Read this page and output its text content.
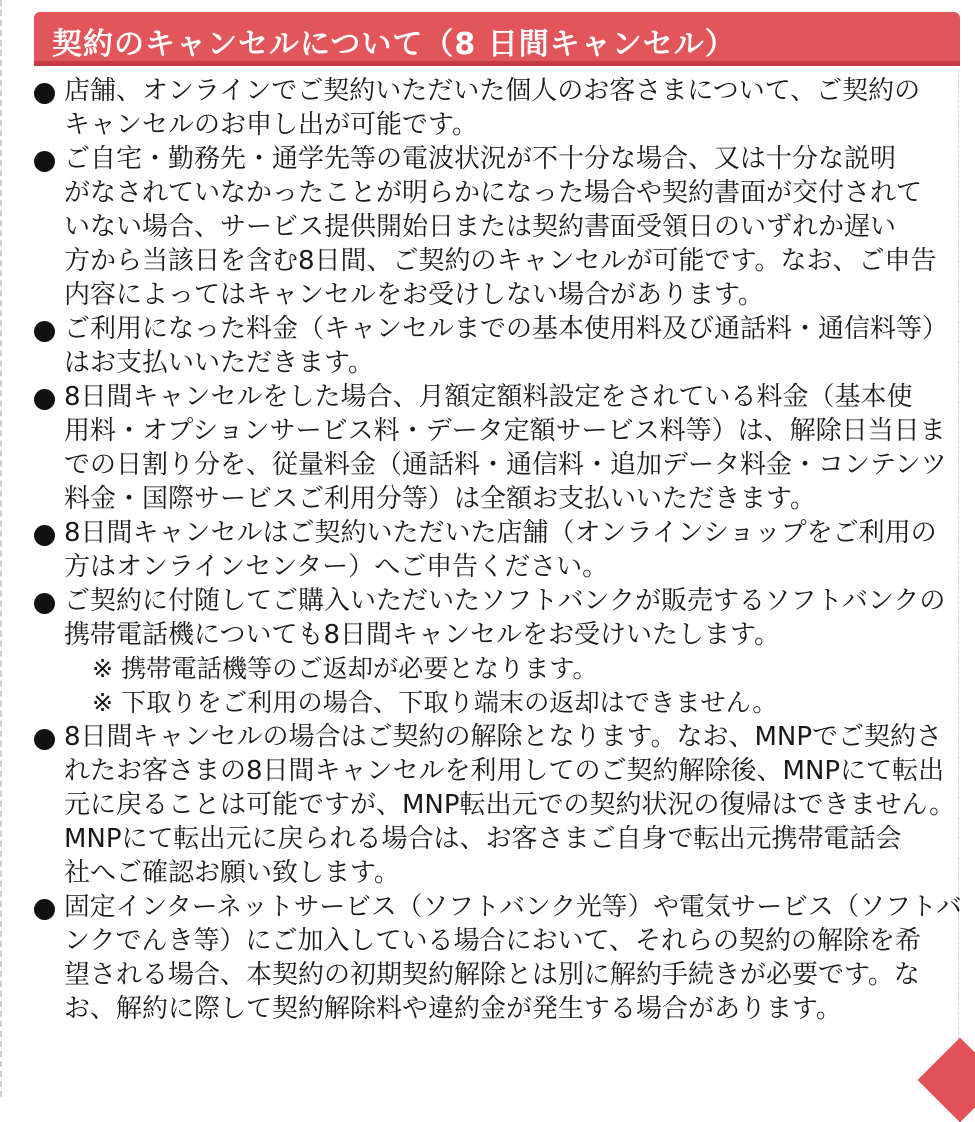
契約のキャンセルについて（8 日間キャンセル）
店舗、オンラインでご契約いただいた個人のお客さまについて、ご契約の
キャンセルのお申し出が可能です。
ご自宅・勤務先・通学先等の電波状況が不十分な場合、又は十分な説明
がなされていなかったことが明らかになった場合や契約書面が交付されて
いない場合、サービス提供開始日または契約書面受領日のいずれか遅い
方から当該日を含む8日間、ご契約のキャンセルが可能です。なお、ご申告
内容によってはキャンセルをお受けしない場合があります。
ご利用になった料金（キャンセルまでの基本使用料及び通話料・通信料等）
はお支払いいただきます。
8日間キャンセルをした場合、月額定額料設定をされている料金（基本使
用料・オプションサービス料・データ定額サービス料等）は、解除日当日ま
での日割り分を、従量料金（通話料・通信料・追加データ料金・コンテンツ
料金・国際サービスご利用分等）は全額お支払いいただきます。
8日間キャンセルはご契約いただいた店舗（オンラインショップをご利用の
方はオンラインセンター）へご申告ください。
ご契約に付随してご購入いただいたソフトバンクが販売するソフトバンクの
携帯電話機についても8日間キャンセルをお受けいたします。
※ 携帯電話機等のご返却が必要となります。
※ 下取りをご利用の場合、下取り端末の返却はできません。
8日間キャンセルの場合はご契約の解除となります。なお、MNPでご契約さ
れたお客さまの8日間キャンセルを利用してのご契約解除後、MNPにて転出
元に戻ることは可能ですが、MNP転出元での契約状況の復帰はできません。
MNPにて転出元に戻られる場合は、お客さまご自身で転出元携帯電話会
社へご確認お願い致します。
固定インターネットサービス（ソフトバンク光等）や電気サービス（ソフトバ
ンクでんき等）にご加入している場合において、それらの契約の解除を希
望される場合、本契約の初期契約解除とは別に解約手続きが必要です。な
お、解約に際して契約解除料や違約金が発生する場合があります。
